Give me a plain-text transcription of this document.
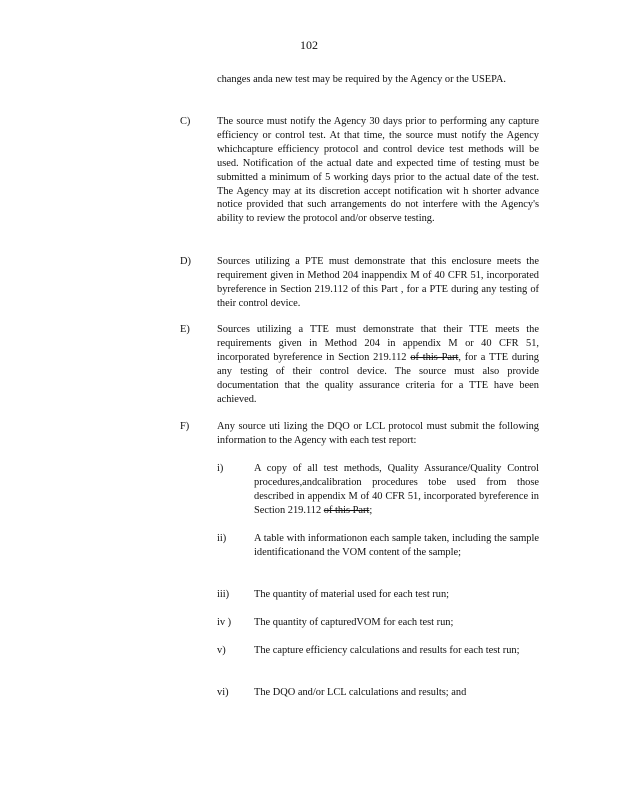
102
changes anda new test may be required by the Agency or the USEPA.
C)	The source must notify the Agency 30 days prior to performing any capture efficiency or control test. At that time, the source must notify the Agency whichcapture efficiency protocol and control device test methods will be used. Notification of the actual date and expected time of testing must be submitted a minimum of 5 working days prior to the actual date of the test. The Agency may at its discretion accept notification wit h shorter advance notice provided that such arrangements do not interfere with the Agency's ability to review the protocol and/or observe testing.
D)	Sources utilizing a PTE must demonstrate that this enclosure meets the requirement given in Method 204 inappendix M of 40 CFR 51, incorporated byreference in Section 219.112 of this Part , for a PTE during any testing of their control device.
E)	Sources utilizing a TTE must demonstrate that their TTE meets the requirements given in Method 204 in appendix M or 40 CFR 51, incorporated byreference in Section 219.112 of this Part, for a TTE during any testing of their control device. The source must also provide documentation that the quality assurance criteria for a TTE have been achieved.
F)	Any source uti lizing the DQO or LCL protocol must submit the following information to the Agency with each test report:
i)	A copy of all test methods, Quality Assurance/Quality Control procedures,andcalibration procedures tobe used from those described in appendix M of 40 CFR 51, incorporated byreference in Section 219.112 of this Part;
ii)	A table with informationon each sample taken, including the sample identificationand the VOM content of the sample;
iii) The quantity of material used for each test run;
iv ) The quantity of capturedVOM for each test run;
v)	The capture efficiency calculations and results for each test run;
vi) The DQO and/or LCL calculations and results; and
